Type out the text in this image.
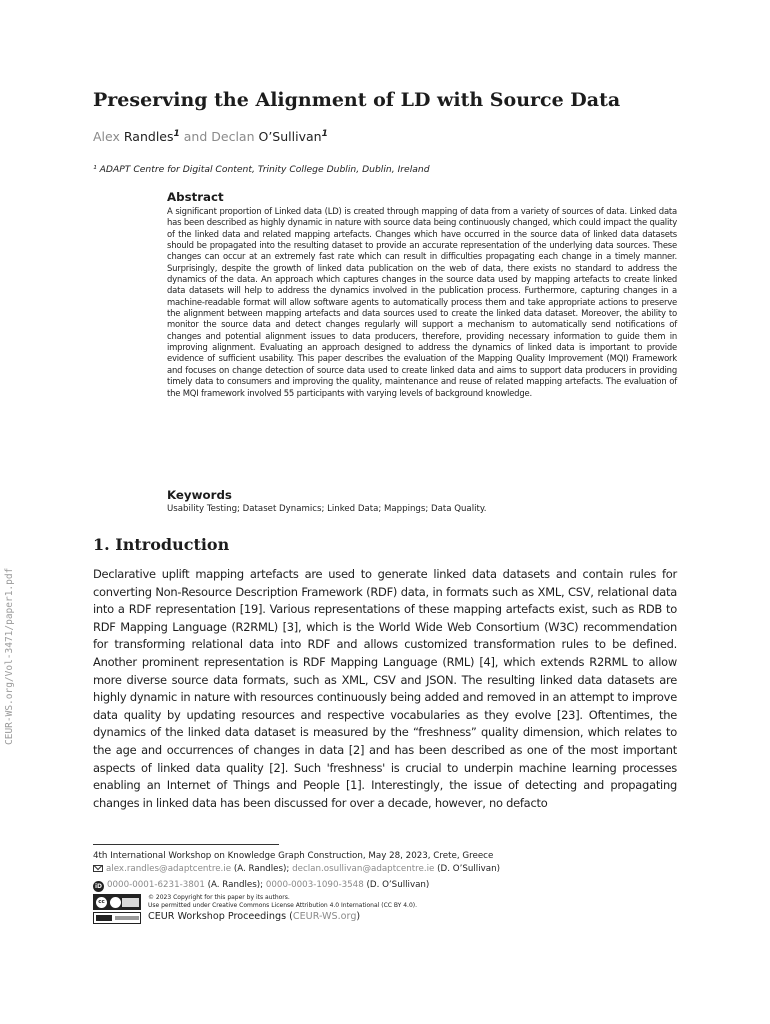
CEUR-WS.org/Vol-3471/paper1.pdf
Preserving the Alignment of LD with Source Data
Alex Randles$^1$ and Declan O’Sullivan$^1$
¹ ADAPT Centre for Digital Content, Trinity College Dublin, Dublin, Ireland
Abstract

A significant proportion of Linked data (LD) is created through mapping of data from a variety of sources of data. Linked data has been described as highly dynamic in nature with source data being continuously changed, which could impact the quality of the linked data and related mapping artefacts. Changes which have occurred in the source data of linked data datasets should be propagated into the resulting dataset to provide an accurate representation of the underlying data sources. These changes can occur at an extremely fast rate which can result in difficulties propagating each change in a timely manner. Surprisingly, despite the growth of linked data publication on the web of data, there exists no standard to address the dynamics of the data. An approach which captures changes in the source data used by mapping artefacts to create linked data datasets will help to address the dynamics involved in the publication process. Furthermore, capturing changes in a machine-readable format will allow software agents to automatically process them and take appropriate actions to preserve the alignment between mapping artefacts and data sources used to create the linked data dataset. Moreover, the ability to monitor the source data and detect changes regularly will support a mechanism to automatically send notifications of changes and potential alignment issues to data producers, therefore, providing necessary information to guide them in improving alignment. Evaluating an approach designed to address the dynamics of linked data is important to provide evidence of sufficient usability. This paper describes the evaluation of the Mapping Quality Improvement (MQI) Framework and focuses on change detection of source data used to create linked data and aims to support data producers in providing timely data to consumers and improving the quality, maintenance and reuse of related mapping artefacts. The evaluation of the MQI framework involved 55 participants with varying levels of background knowledge.

Keywords
Usability Testing; Dataset Dynamics; Linked Data; Mappings; Data Quality.
1. Introduction

Declarative uplift mapping artefacts are used to generate linked data datasets and contain rules for converting Non-Resource Description Framework (RDF) data, in formats such as XML, CSV, relational data into a RDF representation [19]. Various representations of these mapping artefacts exist, such as RDB to RDF Mapping Language (R2RML) [3], which is the World Wide Web Consortium (W3C) recommendation for transforming relational data into RDF and allows customized transformation rules to be defined. Another prominent representation is RDF Mapping Language (RML) [4], which extends R2RML to allow more diverse source data formats, such as XML, CSV and JSON. The resulting linked data datasets are highly dynamic in nature with resources continuously being added and removed in an attempt to improve data quality by updating resources and respective vocabularies as they evolve [23]. Oftentimes, the dynamics of the linked data dataset is measured by the “freshness” quality dimension, which relates to the age and occurrences of changes in data [2] and has been described as one of the most important aspects of linked data quality [2]. Such 'freshness' is crucial to underpin machine learning processes enabling an Internet of Things and People [1]. Interestingly, the issue of detecting and propagating changes in linked data has been discussed for over a decade, however, no defacto

4th International Workshop on Knowledge Graph Construction, May 28, 2023, Crete, Greece
alex.randles@adaptcentre.ie (A. Randles); declan.osullivan@adaptcentre.ie (D. O’Sullivan)
iD 0000-0001-6231-3801 (A. Randles); 0000-0003-1090-3548 (D. O’Sullivan)
cc
© 2023 Copyright for this paper by its authors.
Use permitted under Creative Commons License Attribution 4.0 International (CC BY 4.0).
CEUR Workshop Proceedings (CEUR-WS.org)
